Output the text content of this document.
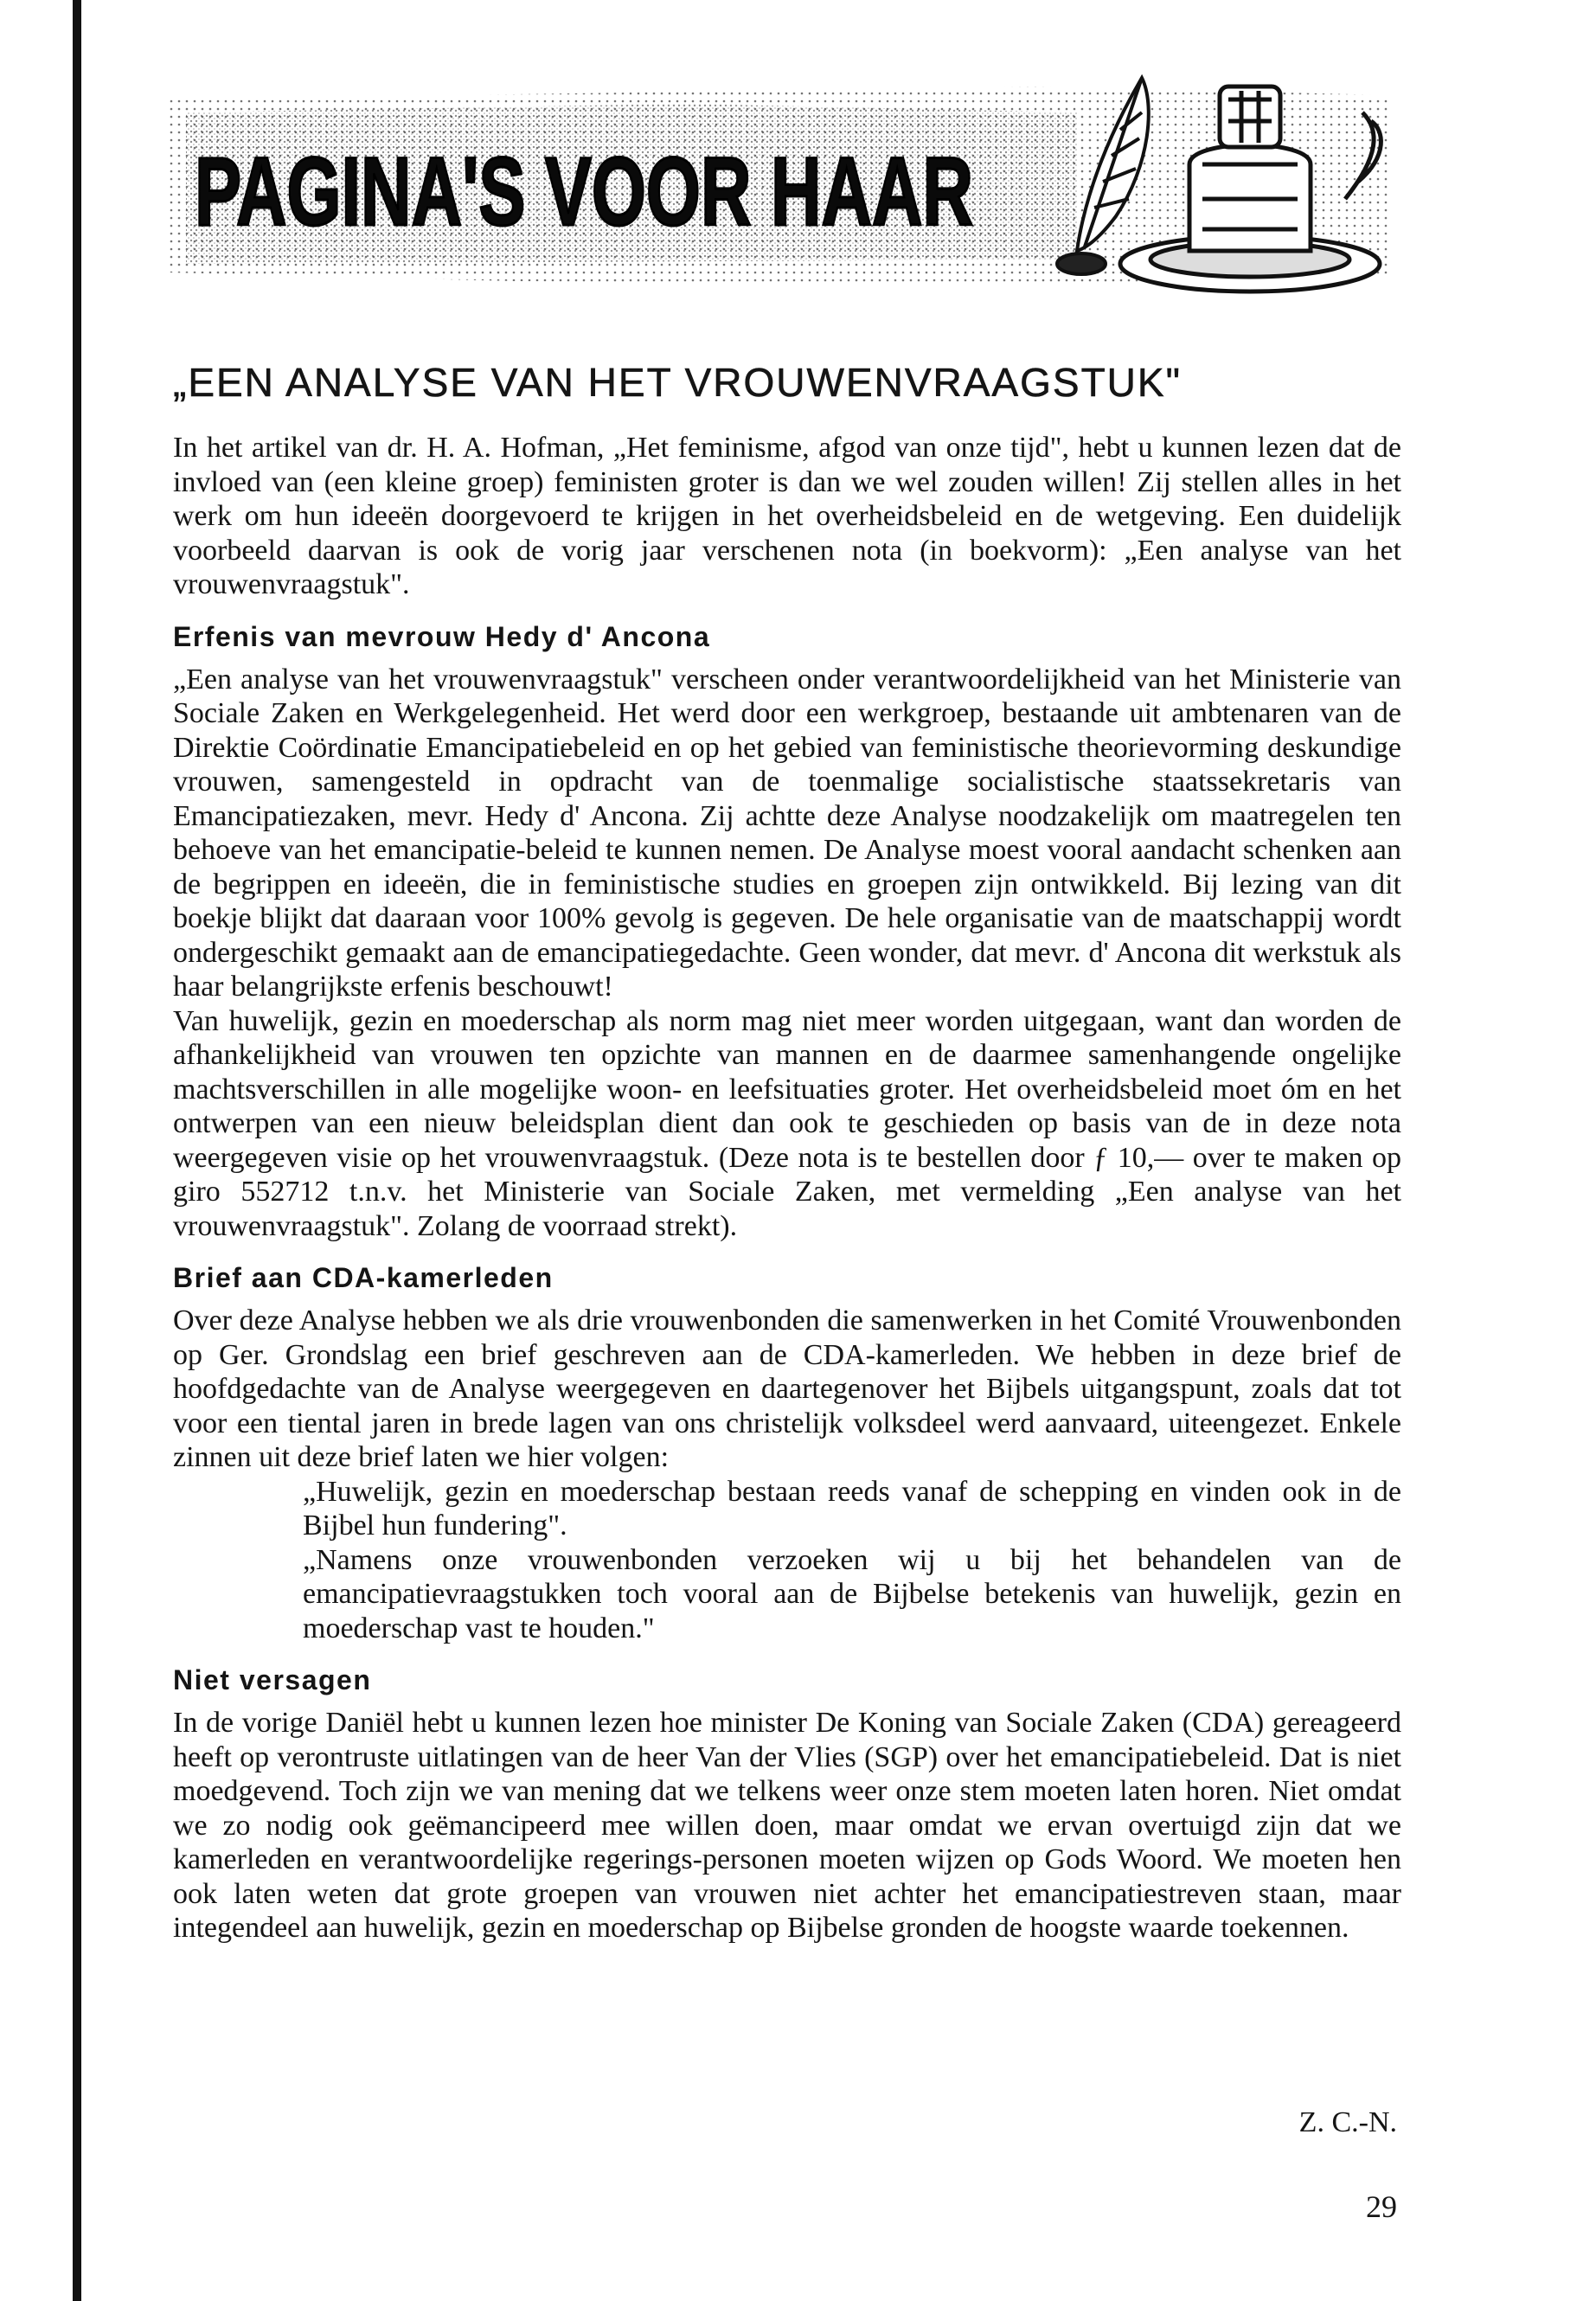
PAGINA'S VOOR HAAR
„EEN ANALYSE VAN HET VROUWENVRAAGSTUK"

In het artikel van dr. H. A. Hofman, „Het feminisme, afgod van onze tijd", hebt u kunnen lezen dat de invloed van (een kleine groep) feministen groter is dan we wel zouden willen! Zij stellen alles in het werk om hun ideeën doorgevoerd te krijgen in het overheidsbeleid en de wetgeving. Een duidelijk voorbeeld daarvan is ook de vorig jaar verschenen nota (in boekvorm): „Een analyse van het vrouwenvraagstuk".

Erfenis van mevrouw Hedy d' Ancona

„Een analyse van het vrouwenvraagstuk" verscheen onder verantwoordelijkheid van het Ministerie van Sociale Zaken en Werkgelegenheid. Het werd door een werkgroep, bestaande uit ambtenaren van de Direktie Coördinatie Emancipatiebeleid en op het gebied van feministische theorievorming deskundige vrouwen, samengesteld in opdracht van de toenmalige socialistische staatssekretaris van Emancipatiezaken, mevr. Hedy d' Ancona. Zij achtte deze Analyse noodzakelijk om maatregelen ten behoeve van het emancipatie-beleid te kunnen nemen. De Analyse moest vooral aandacht schenken aan de begrippen en ideeën, die in feministische studies en groepen zijn ontwikkeld. Bij lezing van dit boekje blijkt dat daaraan voor 100% gevolg is gegeven. De hele organisatie van de maatschappij wordt ondergeschikt gemaakt aan de emancipatiegedachte. Geen wonder, dat mevr. d' Ancona dit werkstuk als haar belangrijkste erfenis beschouwt!

Van huwelijk, gezin en moederschap als norm mag niet meer worden uitgegaan, want dan worden de afhankelijkheid van vrouwen ten opzichte van mannen en de daarmee samenhangende ongelijke machtsverschillen in alle mogelijke woon- en leefsituaties groter. Het overheidsbeleid moet óm en het ontwerpen van een nieuw beleidsplan dient dan ook te geschieden op basis van de in deze nota weergegeven visie op het vrouwenvraagstuk. (Deze nota is te bestellen door ƒ 10,— over te maken op giro 552712 t.n.v. het Ministerie van Sociale Zaken, met vermelding „Een analyse van het vrouwenvraagstuk". Zolang de voorraad strekt).

Brief aan CDA-kamerleden

Over deze Analyse hebben we als drie vrouwenbonden die samenwerken in het Comité Vrouwenbonden op Ger. Grondslag een brief geschreven aan de CDA-kamerleden. We hebben in deze brief de hoofdgedachte van de Analyse weergegeven en daartegenover het Bijbels uitgangspunt, zoals dat tot voor een tiental jaren in brede lagen van ons christelijk volksdeel werd aanvaard, uiteengezet. Enkele zinnen uit deze brief laten we hier volgen:

„Huwelijk, gezin en moederschap bestaan reeds vanaf de schepping en vinden ook in de Bijbel hun fundering".

„Namens onze vrouwenbonden verzoeken wij u bij het behandelen van de emancipatievraagstukken toch vooral aan de Bijbelse betekenis van huwelijk, gezin en moederschap vast te houden."

Niet versagen

In de vorige Daniël hebt u kunnen lezen hoe minister De Koning van Sociale Zaken (CDA) gereageerd heeft op verontruste uitlatingen van de heer Van der Vlies (SGP) over het emancipatiebeleid. Dat is niet moedgevend. Toch zijn we van mening dat we telkens weer onze stem moeten laten horen. Niet omdat we zo nodig ook geëmancipeerd mee willen doen, maar omdat we ervan overtuigd zijn dat we kamerleden en verantwoordelijke regerings-personen moeten wijzen op Gods Woord. We moeten hen ook laten weten dat grote groepen van vrouwen niet achter het emancipatiestreven staan, maar integendeel aan huwelijk, gezin en moederschap op Bijbelse gronden de hoogste waarde toekennen.

Z. C.-N.
29
